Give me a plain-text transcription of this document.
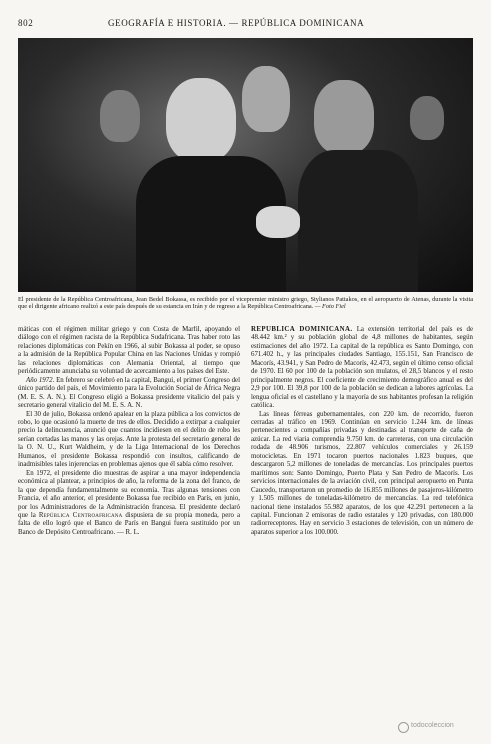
802	GEOGRAFÍA E HISTORIA. — REPÚBLICA DOMINICANA
El presidente de la República Centroafricana, Jean Bedel Bokassa, es recibido por el vicepremier ministro griego, Stylianos Pattakos, en el aeropuerto de Atenas, durante la visita que el dirigente africano realizó a este país después de su estancia en Irán y de regreso a la República Centroafricana. — Foto Fiel

máticas con el régimen militar griego y con Costa de Marfil, apoyando el diálogo con el régimen racista de la República Sudafricana. Tras haber roto las relaciones diplomáticas con Pekín en 1966, al subir Bokassa al poder, se opuso a la admisión de la República Popular China en las Naciones Unidas y rompió las relaciones diplomáticas con Alemania Oriental, al tiempo que periódicamente anunciaba su voluntad de acercamiento a los países del Este.

Año 1972. En febrero se celebró en la capital, Bangui, el primer Congreso del único partido del país, el Movimiento para la Evolución Social de África Negra (M. E. S. A. N.). El Congreso eligió a Bokassa presidente vitalicio del país y secretario general vitalicio del M. E. S. A. N.

El 30 de julio, Bokassa ordenó apalear en la plaza pública a los convictos de robo, lo que ocasionó la muerte de tres de ellos. Decidido a extirpar a cualquier precio la delincuencia, anunció que cuantos incidiesen en el delito de robo les serían cortadas las manos y las orejas. Ante la protesta del secretario general de la O. N. U., Kurt Waldheim, y de la Liga Internacional de los Derechos Humanos, el presidente Bokassa respondió con insultos, calificando de inadmisibles tales injerencias en problemas ajenos que él sabía cómo resolver.

En 1972, el presidente dio muestras de aspirar a una mayor independencia económica al plantear, a principios de año, la reforma de la zona del franco, de la que dependía fundamentalmente su economía. Tras algunas tensiones con Francia, el año anterior, el presidente Bokassa fue recibido en París, en junio, por los Administradores de la Administración francesa. El presidente declaró que la República Centroafricana dispusiera de su propia moneda, pero a falta de ello logró que el Banco de París en Bangui fuera sustituido por un Banco de Depósito Centroafricano. — R. L.

REPÚBLICA DOMINICANA. La extensión territorial del país es de 48.442 km.² y su población global de 4,8 millones de habitantes, según estimaciones del año 1972. La capital de la república es Santo Domingo, con 671.402 h., y las principales ciudades Santiago, 155.151, San Francisco de Macorís, 43.941, y San Pedro de Macorís, 42.473, según el último censo oficial de 1970. El 60 por 100 de la población son mulatos, el 28,5 blancos y el resto principalmente negros. El coeficiente de crecimiento demográfico anual es del 2,9 por 100. El 39,8 por 100 de la población se dedican a labores agrícolas. La lengua oficial es el castellano y la mayoría de sus habitantes profesan la religión católica.

Las líneas férreas gubernamentales, con 220 km. de recorrido, fueron cerradas al tráfico en 1969. Continúan en servicio 1.244 km. de líneas pertenecientes a compañías privadas y destinadas al transporte de caña de azúcar. La red viaria comprendía 9.750 km. de carreteras, con una circulación rodada de 48.906 turismos, 22.807 vehículos comerciales y 26.159 motocicletas. En 1971 tocaron puertos nacionales 1.823 buques, que descargaron 5,2 millones de toneladas de mercancías. Los principales puertos marítimos son: Santo Domingo, Puerto Plata y San Pedro de Macorís. Los servicios internacionales de la aviación civil, con principal aeropuerto en Punta Caucedo, transportaron un promedio de 16.855 millones de pasajeros-kilómetro y 1.505 millones de toneladas-kilómetro de mercancías. La red telefónica nacional tiene instalados 55.982 aparatos, de los que 42.291 pertenecen a la capital. Funcionan 2 emisoras de radio estatales y 120 privadas, con 180.000 radiorreceptores. Hay en servicio 3 estaciones de televisión, con un número de aparatos superior a los 100.000.

todocoleccion
